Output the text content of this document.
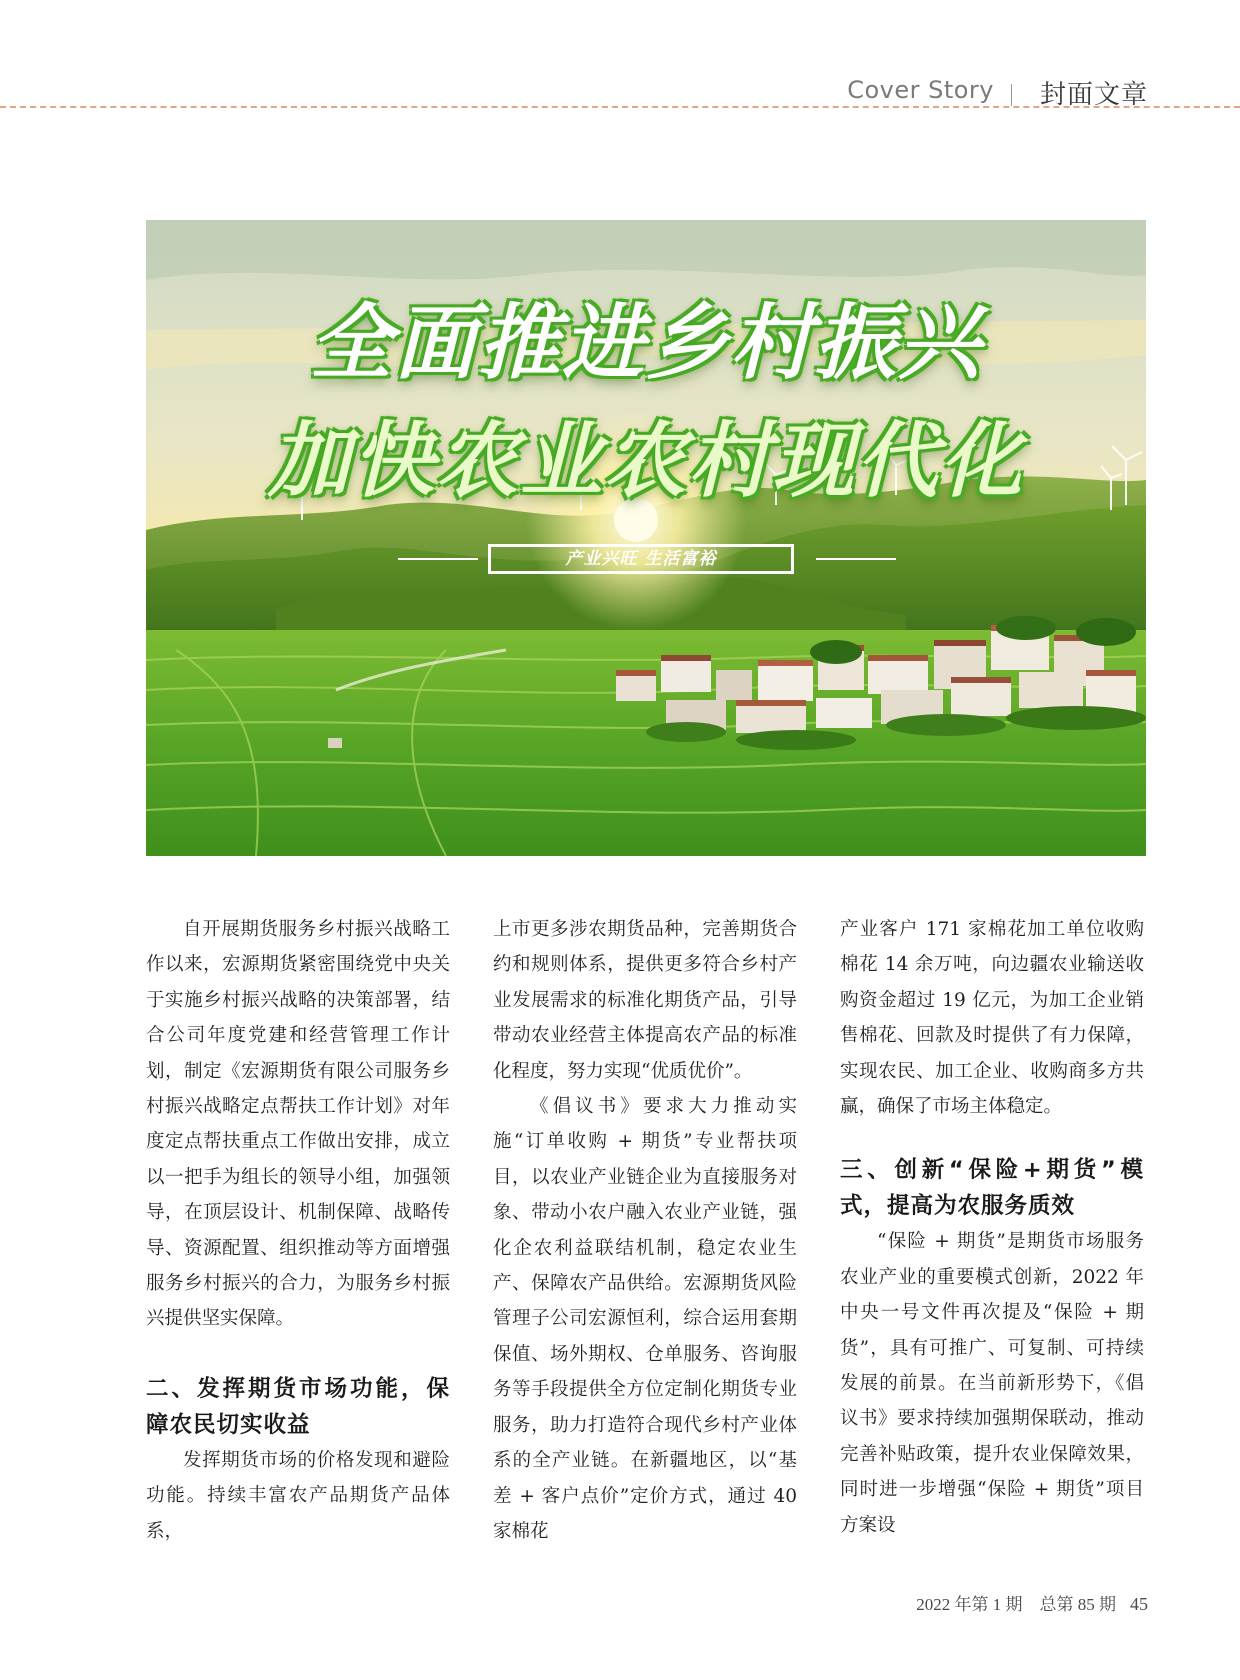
Cover Story 封面文章
全面推进乡村振兴
加快农业农村现代化
产业兴旺 生活富裕

自开展期货服务乡村振兴战略工作以来，宏源期货紧密围绕党中央关于实施乡村振兴战略的决策部署，结合公司年度党建和经营管理工作计划，制定《宏源期货有限公司服务乡村振兴战略定点帮扶工作计划》对年度定点帮扶重点工作做出安排，成立以一把手为组长的领导小组，加强领导，在顶层设计、机制保障、战略传导、资源配置、组织推动等方面增强服务乡村振兴的合力，为服务乡村振兴提供坚实保障。

二、发挥期货市场功能，保障农民切实收益

发挥期货市场的价格发现和避险功能。持续丰富农产品期货产品体系，

上市更多涉农期货品种，完善期货合约和规则体系，提供更多符合乡村产业发展需求的标准化期货产品，引导带动农业经营主体提高农产品的标准化程度，努力实现“优质优价”。

《倡议书》要求大力推动实施“订单收购 + 期货”专业帮扶项目，以农业产业链企业为直接服务对象、带动小农户融入农业产业链，强化企农利益联结机制，稳定农业生产、保障农产品供给。宏源期货风险管理子公司宏源恒利，综合运用套期保值、场外期权、仓单服务、咨询服务等手段提供全方位定制化期货专业服务，助力打造符合现代乡村产业体系的全产业链。在新疆地区，以“基差 + 客户点价”定价方式，通过 40 家棉花

产业客户 171 家棉花加工单位收购棉花 14 余万吨，向边疆农业输送收购资金超过 19 亿元，为加工企业销售棉花、回款及时提供了有力保障，实现农民、加工企业、收购商多方共赢，确保了市场主体稳定。

三、创新“保险+期货”模式，提高为农服务质效

“保险 + 期货”是期货市场服务农业产业的重要模式创新，2022 年中央一号文件再次提及“保险 + 期货”，具有可推广、可复制、可持续发展的前景。在当前新形势下，《倡议书》要求持续加强期保联动，推动完善补贴政策，提升农业保障效果，同时进一步增强“保险 + 期货”项目方案设

2022 年第 1 期　总第 85 期 45
